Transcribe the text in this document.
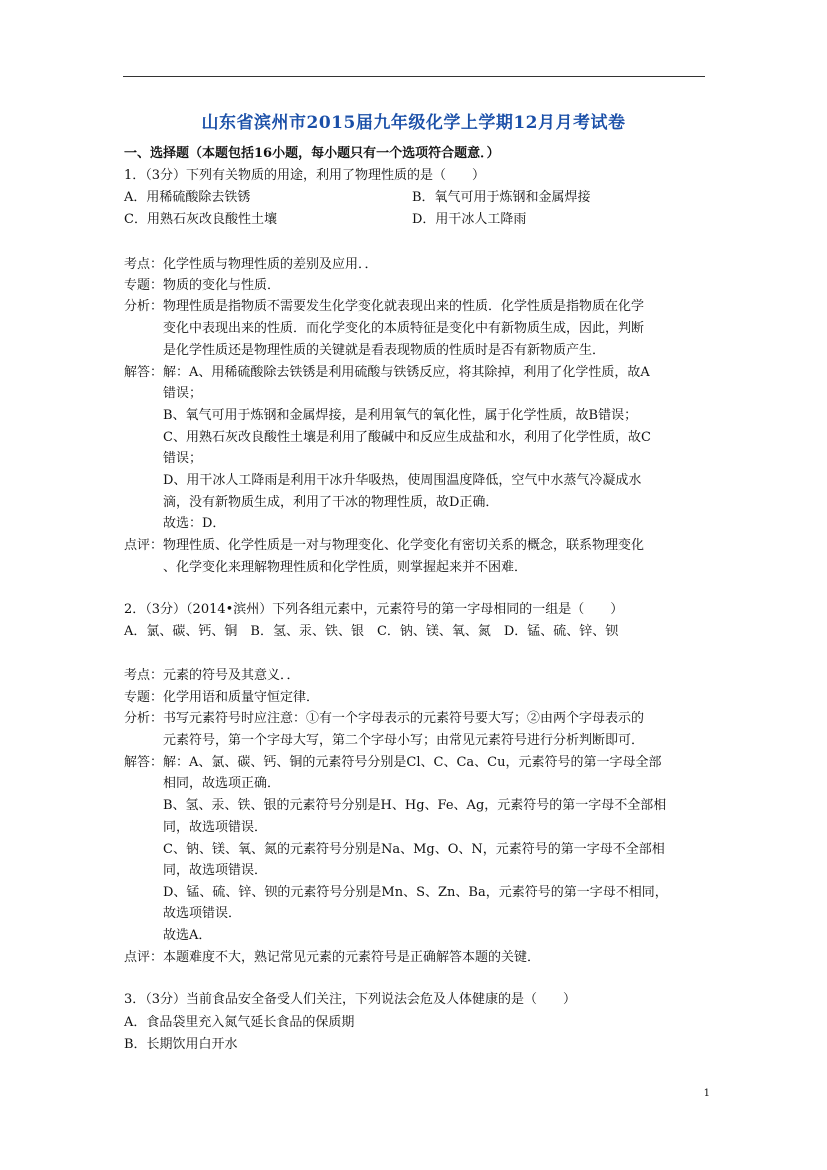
山东省滨州市2015届九年级化学上学期12月月考试卷
一、选择题（本题包括16小题，每小题只有一个选项符合题意．）
1．（3分）下列有关物质的用途，利用了物理性质的是（　　）
A．用稀硫酸除去铁锈	B．氧气可用于炼钢和金属焊接
C．用熟石灰改良酸性土壤	D．用干冰人工降雨
考点： 化学性质与物理性质的差别及应用．．
专题： 物质的变化与性质．
分析： 物理性质是指物质不需要发生化学变化就表现出来的性质．化学性质是指物质在化学
变化中表现出来的性质．而化学变化的本质特征是变化中有新物质生成，因此，判断
是化学性质还是物理性质的关键就是看表现物质的性质时是否有新物质产生．
解答： 解：A、用稀硫酸除去铁锈是利用硫酸与铁锈反应，将其除掉，利用了化学性质，故A
错误；
B、氧气可用于炼钢和金属焊接，是利用氧气的氧化性，属于化学性质，故B错误；
C、用熟石灰改良酸性土壤是利用了酸碱中和反应生成盐和水，利用了化学性质，故C
错误；
D、用干冰人工降雨是利用干冰升华吸热，使周围温度降低，空气中水蒸气冷凝成水
滴，没有新物质生成，利用了干冰的物理性质，故D正确．
故选：D．
点评： 物理性质、化学性质是一对与物理变化、化学变化有密切关系的概念，联系物理变化
、化学变化来理解物理性质和化学性质，则掌握起来并不困难．
2．（3分）（2014•滨州）下列各组元素中，元素符号的第一字母相同的一组是（　　）
A．氯、碳、钙、铜　B．氢、汞、铁、银　C．钠、镁、氧、氮　D．锰、硫、锌、钡
考点： 元素的符号及其意义．．
专题： 化学用语和质量守恒定律．
分析： 书写元素符号时应注意：①有一个字母表示的元素符号要大写；②由两个字母表示的
元素符号，第一个字母大写，第二个字母小写；由常见元素符号进行分析判断即可．
解答： 解：A、氯、碳、钙、铜的元素符号分别是Cl、C、Ca、Cu，元素符号的第一字母全部
相同，故选项正确．
B、氢、汞、铁、银的元素符号分别是H、Hg、Fe、Ag，元素符号的第一字母不全部相
同，故选项错误．
C、钠、镁、氧、氮的元素符号分别是Na、Mg、O、N，元素符号的第一字母不全部相
同，故选项错误．
D、锰、硫、锌、钡的元素符号分别是Mn、S、Zn、Ba，元素符号的第一字母不相同，
故选项错误．
故选A．
点评： 本题难度不大，熟记常见元素的元素符号是正确解答本题的关键．
3．（3分）当前食品安全备受人们关注，下列说法会危及人体健康的是（　　）
A．食品袋里充入氮气延长食品的保质期
B．长期饮用白开水
1
